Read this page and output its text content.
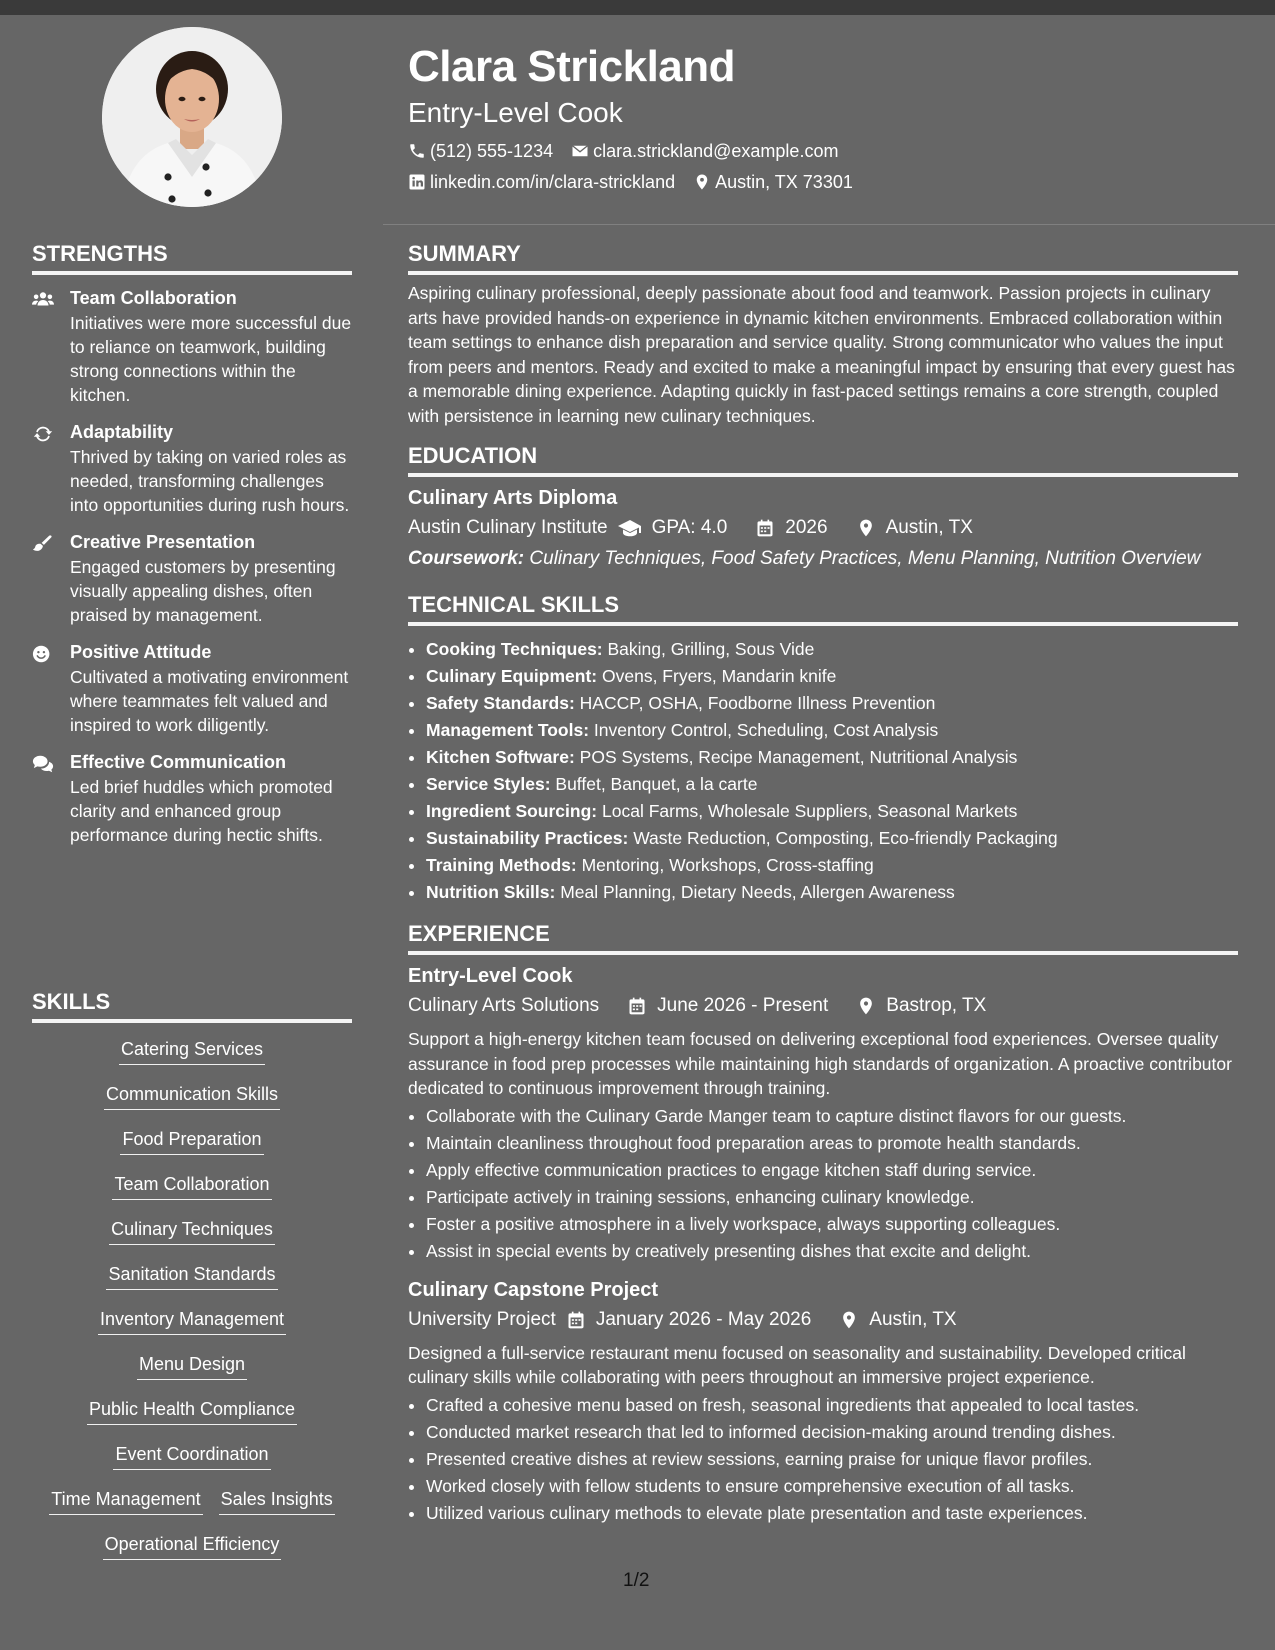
Clara Strickland
Entry-Level Cook
(512) 555-1234 clara.strickland@example.com
linkedin.com/in/clara-strickland Austin, TX 73301
STRENGTHS
Team Collaboration
Initiatives were more successful due to reliance on teamwork, building strong connections within the kitchen.
Adaptability
Thrived by taking on varied roles as needed, transforming challenges into opportunities during rush hours.
Creative Presentation
Engaged customers by presenting visually appealing dishes, often praised by management.
Positive Attitude
Cultivated a motivating environment where teammates felt valued and inspired to work diligently.
Effective Communication
Led brief huddles which promoted clarity and enhanced group performance during hectic shifts.
SKILLS
Catering Services
Communication Skills
Food Preparation
Team Collaboration
Culinary Techniques
Sanitation Standards
Inventory Management
Menu Design
Public Health Compliance
Event Coordination
Time Management Sales Insights
Operational Efficiency
SUMMARY
Aspiring culinary professional, deeply passionate about food and teamwork. Passion projects in culinary arts have provided hands-on experience in dynamic kitchen environments. Embraced collaboration within team settings to enhance dish preparation and service quality. Strong communicator who values the input from peers and mentors. Ready and excited to make a meaningful impact by ensuring that every guest has a memorable dining experience. Adapting quickly in fast-paced settings remains a core strength, coupled with persistence in learning new culinary techniques.
EDUCATION
Culinary Arts Diploma
Austin Culinary Institute GPA: 4.0	2026	Austin, TX
Coursework: Culinary Techniques, Food Safety Practices, Menu Planning, Nutrition Overview
TECHNICAL SKILLS
• Cooking Techniques: Baking, Grilling, Sous Vide
• Culinary Equipment: Ovens, Fryers, Mandarin knife
• Safety Standards: HACCP, OSHA, Foodborne Illness Prevention
• Management Tools: Inventory Control, Scheduling, Cost Analysis
• Kitchen Software: POS Systems, Recipe Management, Nutritional Analysis
• Service Styles: Buffet, Banquet, a la carte
• Ingredient Sourcing: Local Farms, Wholesale Suppliers, Seasonal Markets
• Sustainability Practices: Waste Reduction, Composting, Eco-friendly Packaging
• Training Methods: Mentoring, Workshops, Cross-staffing
• Nutrition Skills: Meal Planning, Dietary Needs, Allergen Awareness
EXPERIENCE
Entry-Level Cook
Culinary Arts Solutions	June 2026 - Present	Bastrop, TX
Support a high-energy kitchen team focused on delivering exceptional food experiences. Oversee quality assurance in food prep processes while maintaining high standards of organization. A proactive contributor dedicated to continuous improvement through training.
• Collaborate with the Culinary Garde Manger team to capture distinct flavors for our guests.
• Maintain cleanliness throughout food preparation areas to promote health standards.
• Apply effective communication practices to engage kitchen staff during service.
• Participate actively in training sessions, enhancing culinary knowledge.
• Foster a positive atmosphere in a lively workspace, always supporting colleagues.
• Assist in special events by creatively presenting dishes that excite and delight.
Culinary Capstone Project
University Project January 2026 - May 2026	Austin, TX
Designed a full-service restaurant menu focused on seasonality and sustainability. Developed critical culinary skills while collaborating with peers throughout an immersive project experience.
• Crafted a cohesive menu based on fresh, seasonal ingredients that appealed to local tastes.
• Conducted market research that led to informed decision-making around trending dishes.
• Presented creative dishes at review sessions, earning praise for unique flavor profiles.
• Worked closely with fellow students to ensure comprehensive execution of all tasks.
• Utilized various culinary methods to elevate plate presentation and taste experiences.
1/2
